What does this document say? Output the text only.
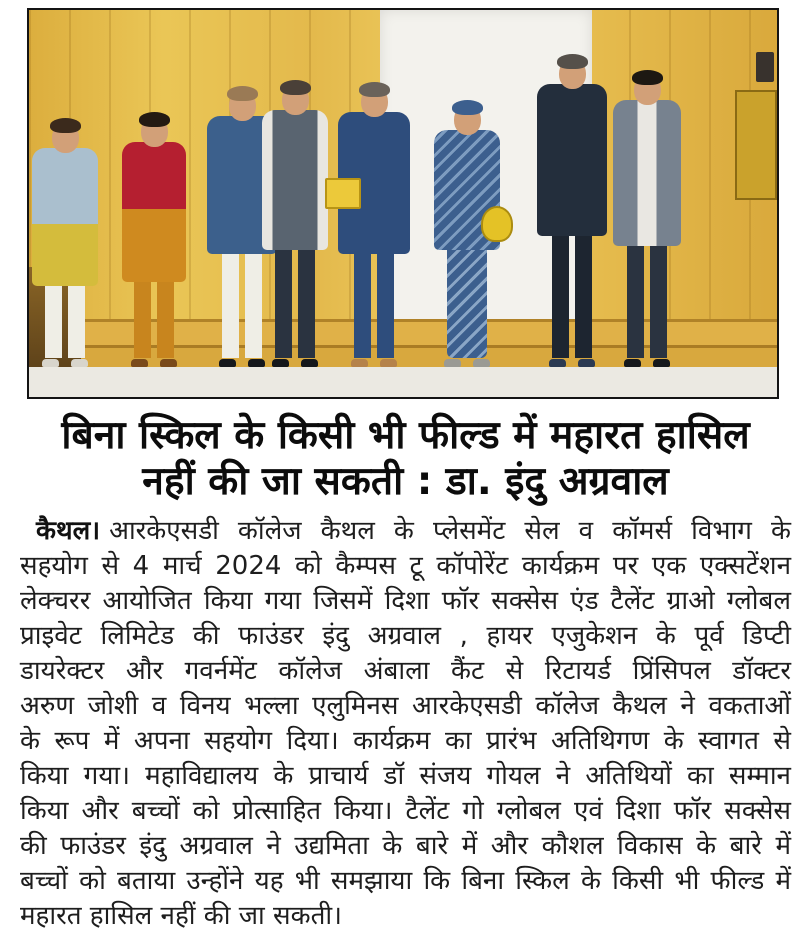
बिना स्किल के किसी भी फील्ड में महारत हासिल
नहीं की जा सकती : डा. इंदु अग्रवाल
कैथल। आरकेएसडी कॉलेज कैथल के प्लेसमेंट सेल व कॉमर्स विभाग के
सहयोग से 4 मार्च 2024 को कैम्पस टू कॉपोरेंट कार्यक्रम पर एक एक्सटेंशन
लेक्चरर आयोजित किया गया जिसमें दिशा फॉर सक्सेस एंड टैलेंट ग्राओ ग्लोबल
प्राइवेट लिमिटेड की फाउंडर इंदु अग्रवाल , हायर एजुकेशन के पूर्व डिप्टी
डायरेक्टर और गवर्नमेंट कॉलेज अंबाला कैंट से रिटायर्ड प्रिंसिपल डॉक्टर
अरुण जोशी व विनय भल्ला एलुमिनस आरकेएसडी कॉलेज कैथल ने वकताओं
के रूप में अपना सहयोग दिया। कार्यक्रम का प्रारंभ अतिथिगण के स्वागत से
किया गया। महाविद्यालय के प्राचार्य डॉ संजय गोयल ने अतिथियों का सम्मान
किया और बच्चों को प्रोत्साहित किया। टैलेंट गो ग्लोबल एवं दिशा फॉर सक्सेस
की फाउंडर इंदु अग्रवाल ने उद्यमिता के बारे में और कौशल विकास के बारे में
बच्चों को बताया उन्होंने यह भी समझाया कि बिना स्किल के किसी भी फील्ड में
महारत हासिल नहीं की जा सकती।
